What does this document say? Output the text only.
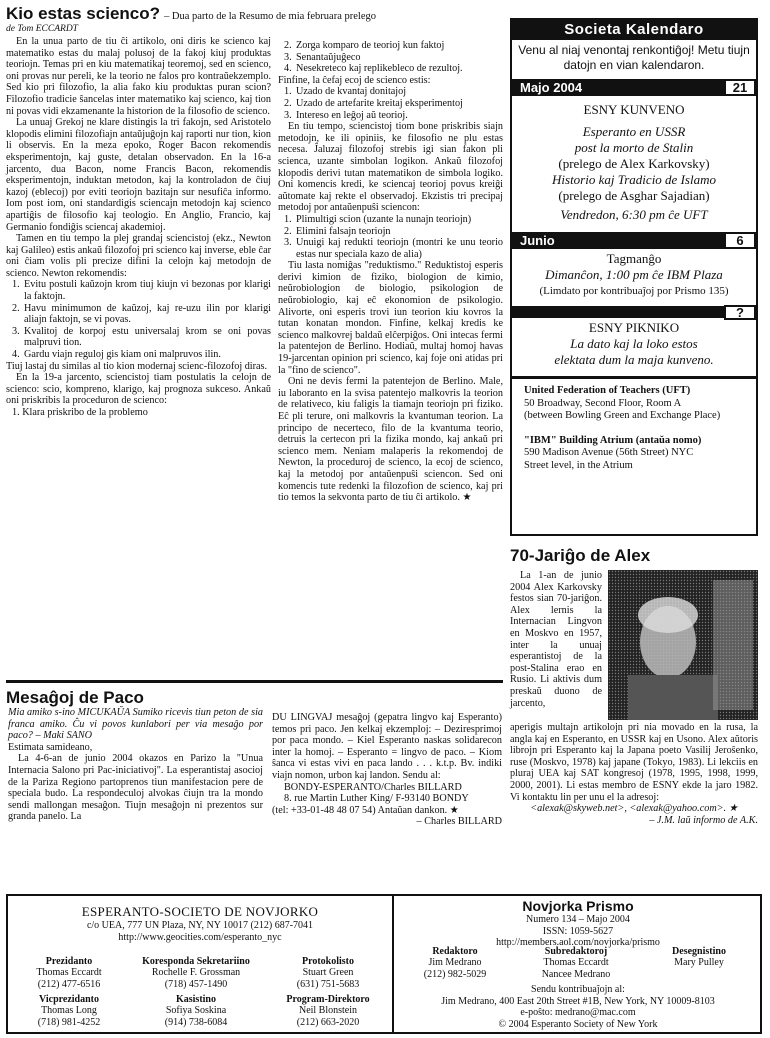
Kio estas scienco? – Dua parto de la Resumo de mia februara prelego
de Tom ECCARDT

En la unua parto de tiu ĉi artikolo, oni diris ke scienco kaj matematiko estas du malaj polusoj de la fakoj kiuj produktas teoriojn. Temas pri en kiu matematikaj teoremoj, sed en scienco, oni provas nur pereli, ke la teorio ne falos pro kontraŭekzemplo. Sed kio pri filozofio, la alia fako kiu produktas puran scion? Filozofio tradicie ŝancelas inter matematiko kaj scienco, kaj tion ni povas vidi ekzamenante la historion de la filosofio de scienco.

La unuaj Grekoj ne klare distingis la tri fakojn, sed Aristotelo klopodis elimini filozofiajn antaŭjuĝojn kaj raporti nur tion, kion li observis. En la meza epoko, Roger Bacon rekomendis eksperimentojn, kaj guste, detalan observadon. En la 16-a jarcento, dua Bacon, nome Francis Bacon, rekomendis eksperimentojn, induktan metodon, kaj la kontroladon de ĉiuj kazoj (eblecoj) por eviti teoriojn bazitajn sur nesufiĉa informo. Iom post iom, oni standardigis sciencajn metodojn kaj scienco apartiĝis de filosofio kaj teologio. En Anglio, Francio, kaj Germanio fondiĝis sciencaj akademioj.

Tamen en tiu tempo la plej grandaj sciencistoj (ekz., Newton kaj Galileo) estis ankaŭ filozofoj pri scienco kaj inverse, eble ĉar oni ĉiam volis pli precize difini la celojn kaj metodojn de scienco. Newton rekomendis:

1. Evitu postuli kaŭzojn krom tiuj kiujn vi bezonas por klarigi la faktojn.
2. Havu minimumon de kaŭzoj, kaj re-uzu ilin por klarigi aliajn faktojn, se vi povas.
3. Kvalitoj de korpoj estu universalaj krom se oni povas malpruvi tion.
4. Gardu viajn reguloj gis kiam oni malpruvos ilin.

Tiuj lastaj du similas al tio kion modernaj scienc-filozofoj diras.

En la 19-a jarcento, sciencistoj tiam postulatis la celojn de scienco: scio, kompreno, klarigo, kaj prognoza sukceso. Ankaŭ oni priskribis la proceduron de scienco:

1. Klara priskribo de la problemo

2. Zorga komparo de teorioj kun faktoj
3. Senantaŭjuĝeco
4. Nesekreteco kaj replikebleco de rezultoj.

Finfine, la ĉefaj ecoj de scienco estis:

1. Uzado de kvantaj donitajoj
2. Uzado de artefarite kreitaj eksperimentoj
3. Intereso en leĝoj aŭ teorioj.

En tiu tempo, sciencistoj tiom bone priskribis siajn metodojn, ke ili opiniis, ke filosofio ne plu estas necesa. Ĵaluzaj filozofoj strebis igi sian fakon pli scienca, uzante simbolan logikon. Ankaŭ filozofoj klopodis derivi tutan matematikon de simbola logiko. Oni komencis kredi, ke sciencaj teorioj povus kreiĝi aŭtomate kaj rekte el observadoj. Ekzistis tri precipaj metodoj por antaŭenpuŝi sciencon:

1. Plimultigi scion (uzante la nunajn teoriojn)
2. Elimini falsajn teoriojn
3. Unuigi kaj redukti teoriojn (montri ke unu teorio estas nur speciala kazo de alia)

Tiu lasta nomiĝas "reduktismo." Reduktistoj esperis derivi kimion de fiziko, biologion de kimio, neŭrobiologion de biologio, psikologion de neŭrobiologio, kaj eĉ ekonomion de psikologio. Alivorte, oni esperis trovi iun teorion kiu kovros la tutan konatan mondon. Finfine, kelkaj kredis ke scienco malkovrej baldaŭ elĉerpiĝos. Oni intecas fermi la patentejon de Berlino. Hodiaŭ, multaj homoj havas 19-jarcentan opinion pri scienco, kaj foje oni atidas pri la "fino de scienco".

Oni ne devis fermi la patentejon de Berlino. Male, iu laboranto en la svisa patentejo malkovris la teorion de relativeco, kiu faligis la tiamajn teoriojn pri fiziko. Eĉ pli terure, oni malkovris la kvantuman teorion. La principo de necerteco, filo de la kvantuma teorio, detruis la certecon pri la fizika mondo, kaj ankaŭ pri scienco mem. Neniam malaperis la rekomendoj de Newton, la proceduroj de scienco, la ecoj de scienco, kaj la metodoj por antaŭenpuŝi sciencon. Sed oni komencis tute redenki la filozofion de scienco, kaj pri tio temos la sekvonta parto de tiu ĉi artikolo. ★

Societa Kalendaro
Venu al niaj venontaj renkontiĝoj! Metu tiujn datojn en vian kalendaron.
Majo 2004	21
ESNY KUNVENO
Esperanto en USSR
post la morto de Stalin
(prelego de Alex Karkovsky)
Historio kaj Tradicio de Islamo
(prelego de Asghar Sajadian)
Vendredon, 6:30 pm ĉe UFT
Junio	6
Tagmanĝo
Dimanĉon, 1:00 pm ĉe IBM Plaza
(Limdato por kontribuaĵoj por Prismo 135)
?
ESNY PIKNIKO
La dato kaj la loko estos
elektata dum la maja kunveno.
United Federation of Teachers (UFT)
50 Broadway, Second Floor, Room A
(between Bowling Green and Exchange Place)
"IBM" Building Atrium (antaŭa nomo)
590 Madison Avenue (56th Street) NYC
Street level, in the Atrium
70-Jariĝo de Alex

La 1-an de junio 2004 Alex Karkovsky festos sian 70-jariĝon. Alex lernis la Internacian Lingvon en Moskvo en 1957, inter la unuaj esperantistoj de la post-Stalina erao en Rusio. Li aktivis dum preskaŭ duono de jarcento,

aperigis multajn artikolojn pri nia movado en la rusa, la angla kaj en Esperanto, en USSR kaj en Usono. Alex aŭtoris librojn pri Esperanto kaj la Japana poeto Vasilij Jeroŝenko, ruse (Moskvo, 1978) kaj japane (Tokyo, 1983). Li lekciis en pluraj UEA kaj SAT kongresoj (1978, 1995, 1998, 1999, 2000, 2001). Li estas membro de ESNY ekde la jaro 1982. Vi kontaktu lin per unu el la adresoj:

<alexak@skyweb.net>, <alexak@yahoo.com>. ★

– J.M. laŭ informo de A.K.

Mesaĝoj de Paco

Mia amiko s-ino MICUKAŬA Sumiko ricevis tiun peton de sia franca amiko. Ĉu vi povos kunlabori per via mesaĝo por paco? – Maki SANO

Estimata samideano,

La 4-6-an de junio 2004 okazos en Parizo la "Unua Internacia Salono pri Pac-iniciativoj". La esperantistaj asocioj de la Pariza Regiono partoprenos tiun manifestacion pere de speciala budo. La respondeculoj alvokas ĉiujn tra la mondo sendi mallongan mesaĝon. Tiujn mesaĝojn ni prezentos sur granda panelo. La

DU LINGVAJ mesaĝoj (gepatra lingvo kaj Esperanto) temos pri paco. Jen kelkaj ekzemploj: – Deziresprimoj por paca mondo. – Kiel Esperanto naskas solidarecon inter la homoj. – Esperanto = lingvo de paco. – Kiom ŝanca vi estas vivi en paca lando . . . k.t.p. Bv. indiki viajn nomon, urbon kaj landon. Sendu al:

BONDY-ESPERANTO/Charles BILLARD

8. rue Martin Luther King/ F-93140 BONDY

(tel: +33-01-48 48 07 54) Antaŭan dankon. ★

– Charles BILLARD

ESPERANTO-SOCIETO DE NOVJORKO
c/o UEA, 777 UN Plaza, NY, NY 10017 (212) 687-7041
http://www.geocities.com/esperanto_nyc
Prezidanto
Thomas Eccardt
(212) 477-6516
Korespondа Sekretariino
Rochelle F. Grossman
(718) 457-1490
Protokolisto
Stuart Green
(631) 751-5683
Vicprezidanto
Thomas Long
(718) 981-4252
Kasistino
Sofiya Soskina
(914) 738-6084
Program-Direktoro
Neil Blonstein
(212) 663-2020
Novjorka Prismo
Numero 134 – Majo 2004
ISSN: 1059-5627
http://members.aol.com/novjorka/prismo
Redaktoro
Jim Medrano
(212) 982-5029
Subredaktoroj
Thomas Eccardt
Nancee Medrano
Desegnistino
Mary Pulley
Sendu kontribuaĵojn al:
Jim Medrano, 400 East 20th Street #1B, New York, NY 10009-8103
e-poŝto: medrano@mac.com
© 2004 Esperanto Society of New York
